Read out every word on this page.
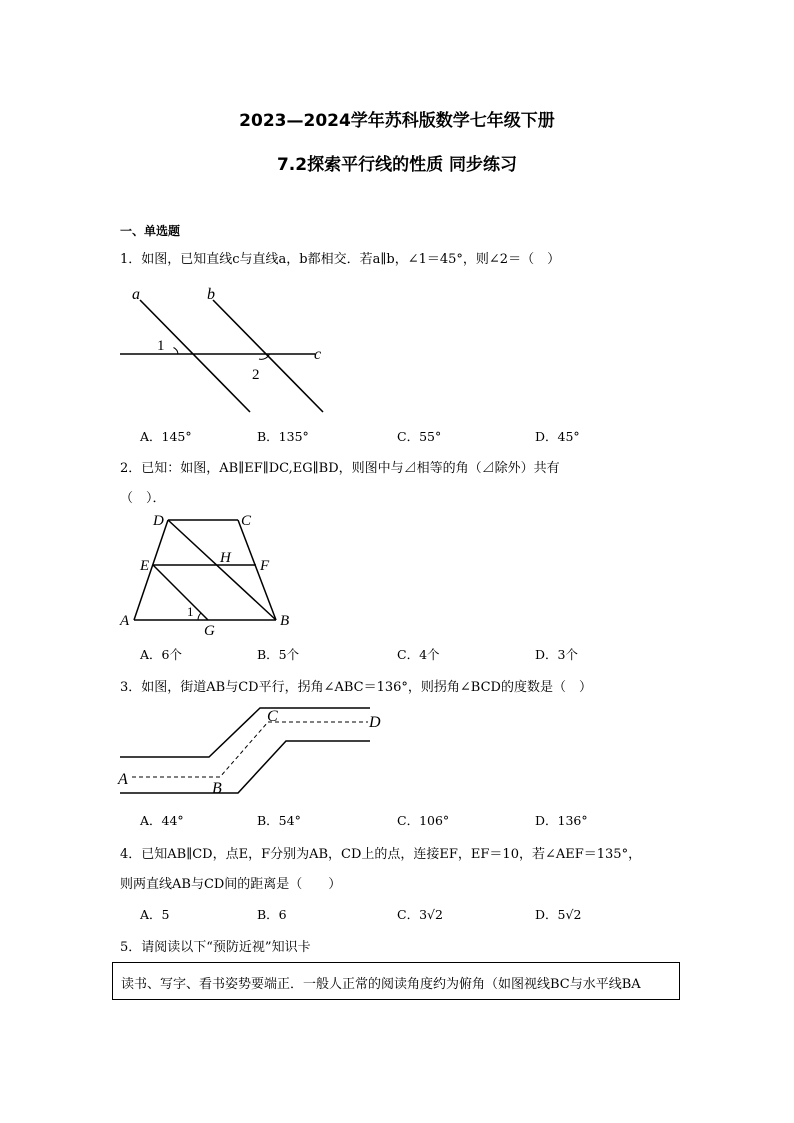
2023—2024学年苏科版数学七年级下册
7.2探索平行线的性质 同步练习
一、单选题
1．如图，已知直线c与直线a，b都相交．若a∥b，∠1＝45°，则∠2＝（　）
a	b
c
1
2
A．145°	B．135°	C．55°	D．45°
2．已知：如图，AB∥EF∥DC,EG∥BD，则图中与⊿相等的角（⊿除外）共有
（　）．
D	C
E	H F
A	B
G
1
A．6个	B．5个	C．4个	D．3个
3．如图，街道AB与CD平行，拐角∠ABC＝136°，则拐角∠BCD的度数是（　）
A
B
C	D
A．44°	B．54°	C．106°	D．136°
4．已知AB∥CD，点E，F分别为AB，CD上的点，连接EF，EF＝10，若∠AEF＝135°，
则两直线AB与CD间的距离是（　　）
A．5	B．6	C．3√2	D．5√2
5．请阅读以下“预防近视”知识卡
读书、写字、看书姿势要端正．一般人正常的阅读角度约为俯角（如图视线BC与水平线BA
